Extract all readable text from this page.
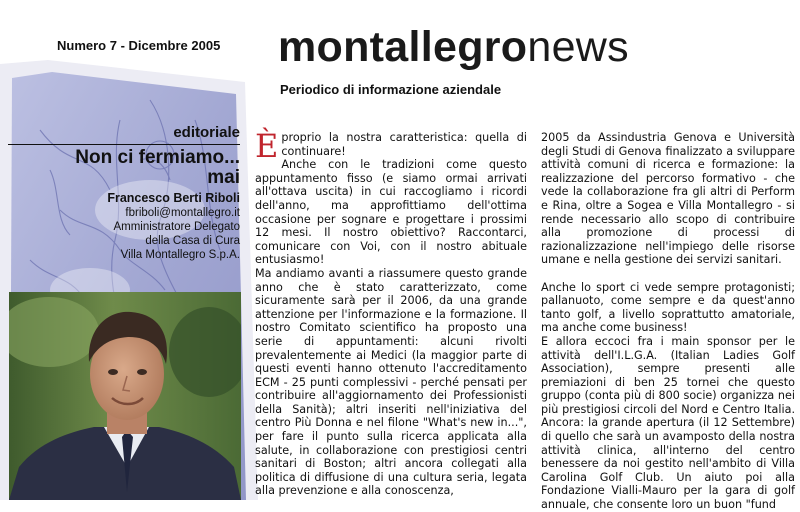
Numero 7 - Dicembre 2005 montallegronews
Periodico di informazione aziendale
editoriale
Non ci fermiamo...
mai
Francesco Berti Riboli
fbriboli@montallegro.it
Amministratore Delegato
della Casa di Cura
Villa Montallegro S.p.A.

Èproprio la nostra caratteristica: quella di continuare!

Anche con le tradizioni come questo appuntamento fisso (e siamo ormai arrivati all'ottava uscita) in cui raccogliamo i ricordi dell'anno, ma approfittiamo dell'ottima occasione per sognare e progettare i prossimi 12 mesi. Il nostro obiettivo? Raccontarci, comunicare con Voi, con il nostro abituale entusiasmo!

Ma andiamo avanti a riassumere questo grande anno che è stato caratterizzato, come sicuramente sarà per il 2006, da una grande attenzione per l'informazione e la formazione. Il nostro Comitato scientifico ha proposto una serie di appuntamenti: alcuni rivolti prevalentemente ai Medici (la maggior parte di questi eventi hanno ottenuto l'accreditamento ECM - 25 punti complessivi - perché pensati per contribuire all'aggiornamento dei Professionisti della Sanità); altri inseriti nell'iniziativa del centro Più Donna e nel filone "What's new in...", per fare il punto sulla ricerca applicata alla salute, in collaborazione con prestigiosi centri sanitari di Boston; altri ancora collegati alla politica di diffusione di una cultura seria, legata alla prevenzione e alla conoscenza,

2005 da Assindustria Genova e Università degli Studi di Genova finalizzato a sviluppare attività comuni di ricerca e formazione: la realizzazione del percorso formativo - che vede la collaborazione fra gli altri di Perform e Rina, oltre a Sogea e Villa Montallegro - si rende necessario allo scopo di contribuire alla promozione di processi di razionalizzazione nell'impiego delle risorse umane e nella gestione dei servizi sanitari.

Anche lo sport ci vede sempre protagonisti; pallanuoto, come sempre e da quest'anno tanto golf, a livello soprattutto amatoriale, ma anche come business!

E allora eccoci fra i main sponsor per le attività dell'I.L.G.A. (Italian Ladies Golf Association), sempre presenti alle premiazioni di ben 25 tornei che questo gruppo (conta più di 800 socie) organizza nei più prestigiosi circoli del Nord e Centro Italia. Ancora: la grande apertura (il 12 Settembre) di quello che sarà un avamposto della nostra attività clinica, all'interno del centro benessere da noi gestito nell'ambito di Villa Carolina Golf Club. Un aiuto poi alla Fondazione Vialli-Mauro per la gara di golf annuale, che consente loro un buon "fund
